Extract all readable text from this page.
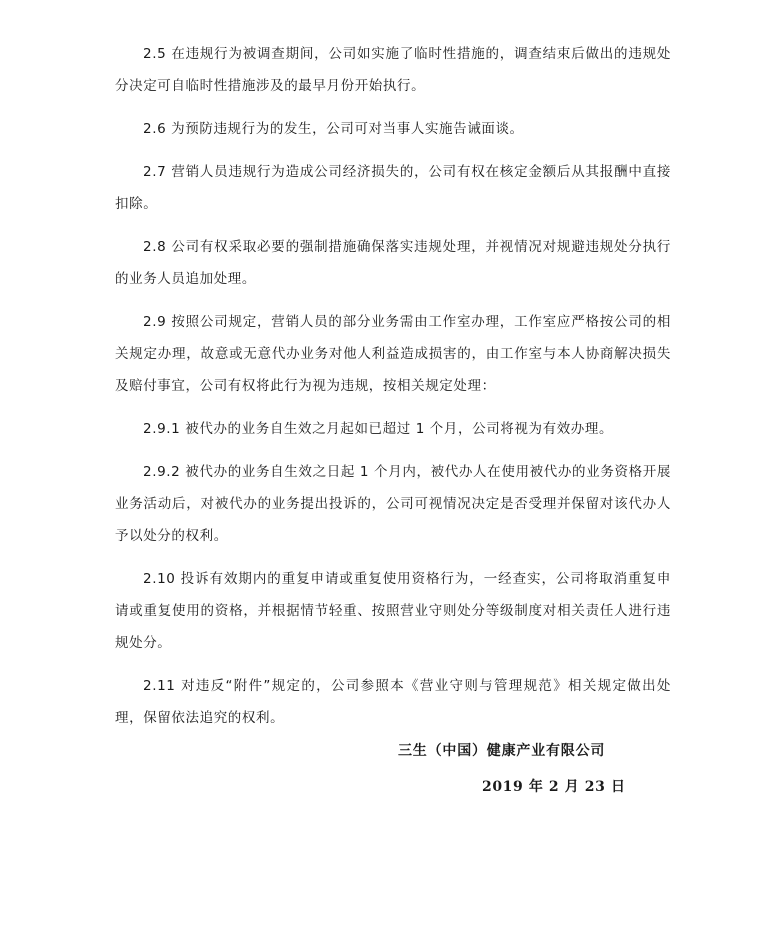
2.5 在违规行为被调查期间，公司如实施了临时性措施的，调查结束后做出的违规处分决定可自临时性措施涉及的最早月份开始执行。

2.6 为预防违规行为的发生，公司可对当事人实施告诫面谈。

2.7 营销人员违规行为造成公司经济损失的，公司有权在核定金额后从其报酬中直接扣除。

2.8 公司有权采取必要的强制措施确保落实违规处理，并视情况对规避违规处分执行的业务人员追加处理。

2.9 按照公司规定，营销人员的部分业务需由工作室办理，工作室应严格按公司的相关规定办理，故意或无意代办业务对他人利益造成损害的，由工作室与本人协商解决损失及赔付事宜，公司有权将此行为视为违规，按相关规定处理：

2.9.1 被代办的业务自生效之月起如已超过 1 个月，公司将视为有效办理。

2.9.2 被代办的业务自生效之日起 1 个月内，被代办人在使用被代办的业务资格开展业务活动后，对被代办的业务提出投诉的，公司可视情况决定是否受理并保留对该代办人予以处分的权利。

2.10 投诉有效期内的重复申请或重复使用资格行为，一经查实，公司将取消重复申请或重复使用的资格，并根据情节轻重、按照营业守则处分等级制度对相关责任人进行违规处分。

2.11 对违反“附件”规定的，公司参照本《营业守则与管理规范》相关规定做出处理，保留依法追究的权利。

三生（中国）健康产业有限公司
2019 年 2 月 23 日
